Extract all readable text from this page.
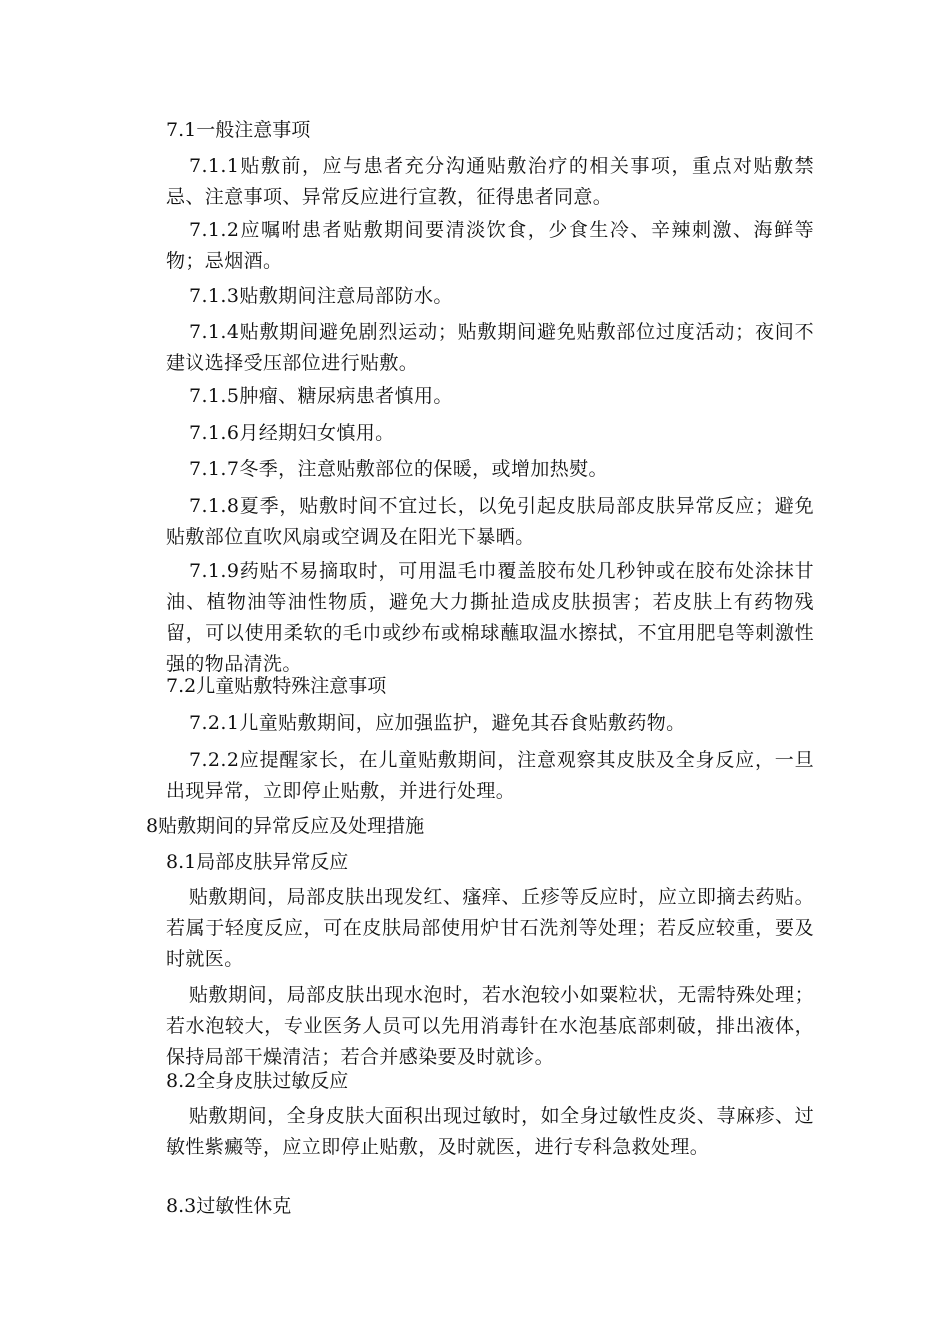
7.1一般注意事项
7.1.1贴敷前，应与患者充分沟通贴敷治疗的相关事项，重点对贴敷禁忌、注意事项、异常反应进行宣教，征得患者同意。
7.1.2应嘱咐患者贴敷期间要清淡饮食，少食生冷、辛辣刺激、海鲜等物；忌烟酒。
7.1.3贴敷期间注意局部防水。
7.1.4贴敷期间避免剧烈运动；贴敷期间避免贴敷部位过度活动；夜间不建议选择受压部位进行贴敷。
7.1.5肿瘤、糖尿病患者慎用。
7.1.6月经期妇女慎用。
7.1.7冬季，注意贴敷部位的保暖，或增加热熨。
7.1.8夏季，贴敷时间不宜过长，以免引起皮肤局部皮肤异常反应；避免贴敷部位直吹风扇或空调及在阳光下暴晒。
7.1.9药贴不易摘取时，可用温毛巾覆盖胶布处几秒钟或在胶布处涂抹甘油、植物油等油性物质，避免大力撕扯造成皮肤损害；若皮肤上有药物残留，可以使用柔软的毛巾或纱布或棉球蘸取温水擦拭，不宜用肥皂等刺激性强的物品清洗。
7.2儿童贴敷特殊注意事项
7.2.1儿童贴敷期间，应加强监护，避免其吞食贴敷药物。
7.2.2应提醒家长，在儿童贴敷期间，注意观察其皮肤及全身反应，一旦出现异常，立即停止贴敷，并进行处理。
8贴敷期间的异常反应及处理措施
8.1局部皮肤异常反应
贴敷期间，局部皮肤出现发红、瘙痒、丘疹等反应时，应立即摘去药贴。若属于轻度反应，可在皮肤局部使用炉甘石洗剂等处理；若反应较重，要及时就医。
贴敷期间，局部皮肤出现水泡时，若水泡较小如粟粒状，无需特殊处理；若水泡较大，专业医务人员可以先用消毒针在水泡基底部刺破，排出液体，保持局部干燥清洁；若合并感染要及时就诊。
8.2全身皮肤过敏反应
贴敷期间，全身皮肤大面积出现过敏时，如全身过敏性皮炎、荨麻疹、过敏性紫癜等，应立即停止贴敷，及时就医，进行专科急救处理。
8.3过敏性休克
